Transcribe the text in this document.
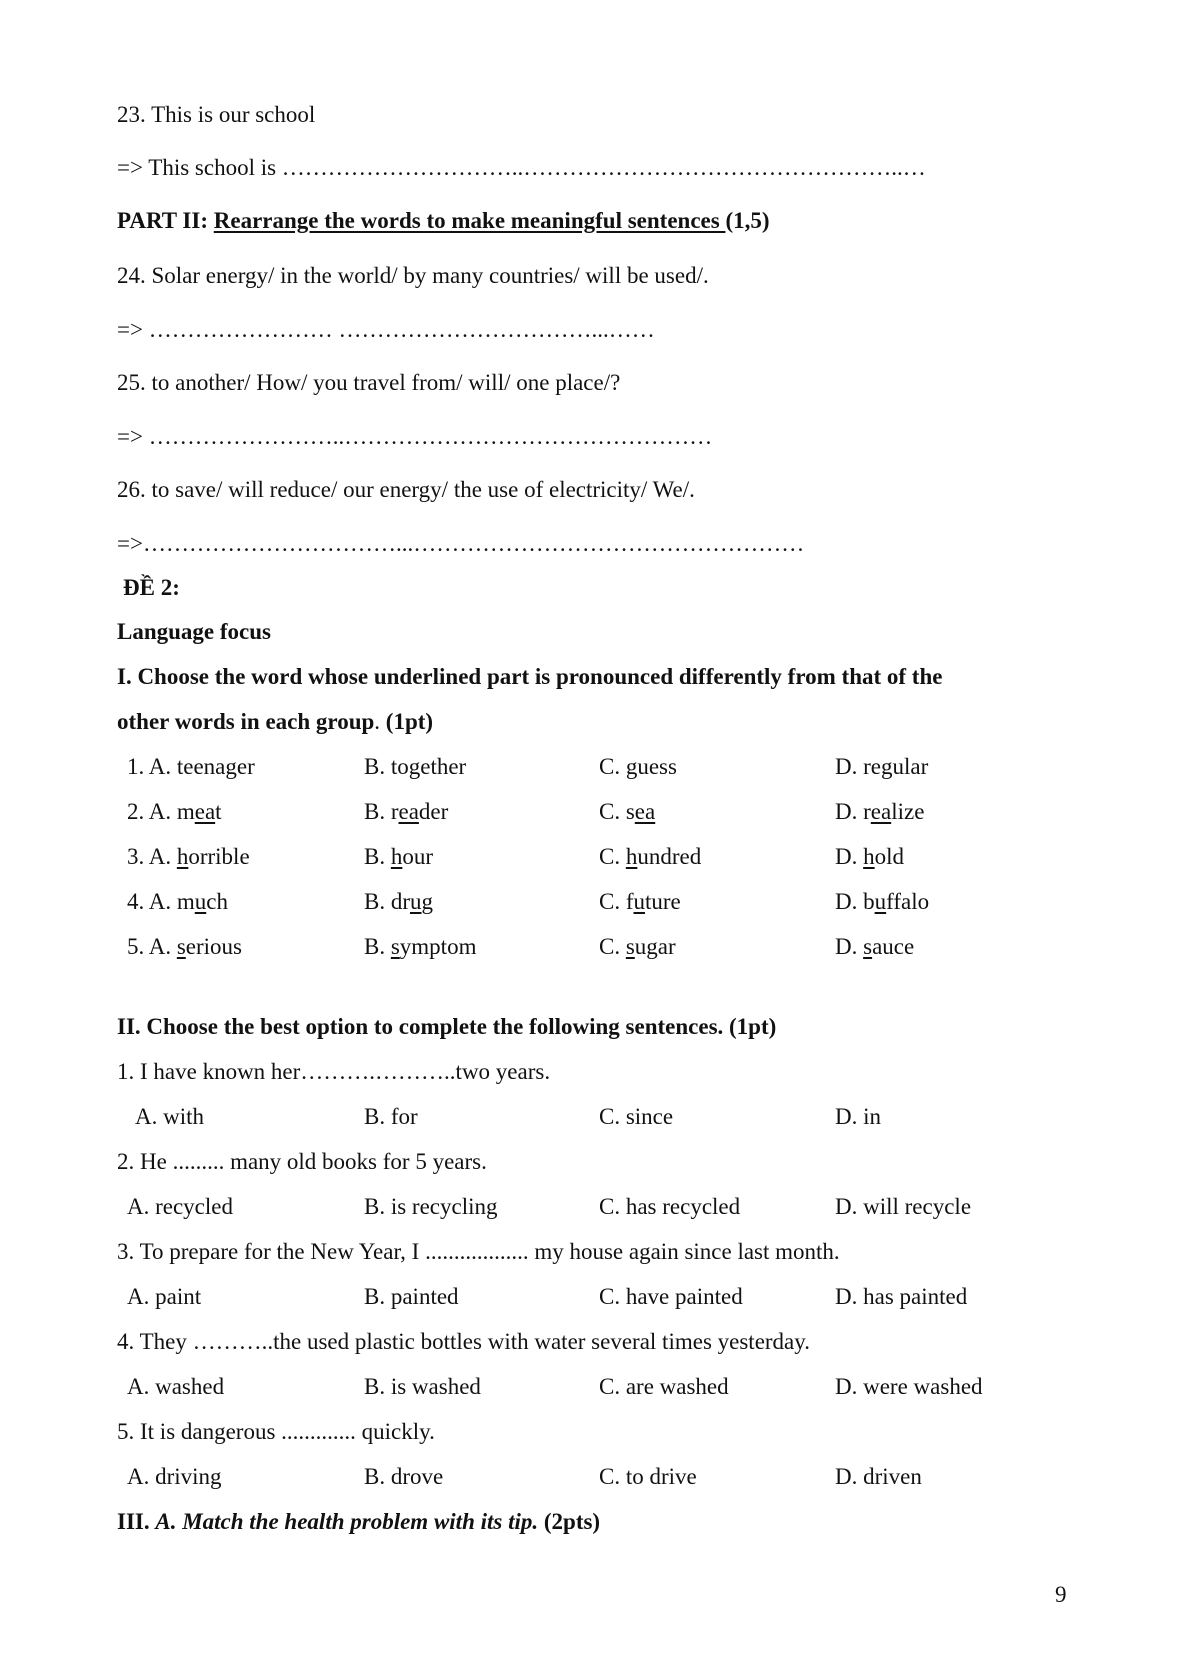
23. This is our school
=> This school is …………………………..…………………………………………..…
PART II: Rearrange the words to make meaningful sentences (1,5)
24. Solar energy/ in the world/ by many countries/ will be used/.
=> …………………… ……………………………...……
25. to another/ How/ you travel from/ will/ one place/?
=> ……………………..…………………………………………
26. to save/ will reduce/ our energy/ the use of electricity/ We/.
=>……………………………...……………………………………………
ĐỀ 2:
Language focus
I. Choose the word whose underlined part is pronounced differently from that of the
other words in each group. (1pt)
1. A. teenager	B. together	C. guess	D. regular
2. A. meat	B. reader	C. sea	D. realize
3. A. horrible	B. hour	C. hundred	D. hold
4. A. much	B. drug	C. future	D. buffalo
5. A. serious	B. symptom	C. sugar	D. sauce
II. Choose the best option to complete the following sentences. (1pt)
1. I have known her……….………..two years.
A. with	B. for	C. since	D. in
2. He ......... many old books for 5 years.
A. recycled	B. is recycling	C. has recycled	D. will recycle
3. To prepare for the New Year, I .................. my house again since last month.
A. paint	B. painted	C. have painted	D. has painted
4. They ………..the used plastic bottles with water several times yesterday.
A. washed	B. is washed	C. are washed	D. were washed
5. It is dangerous ............. quickly.
A. driving	B. drove	C. to drive	D. driven
III. A. Match the health problem with its tip. (2pts)
9
